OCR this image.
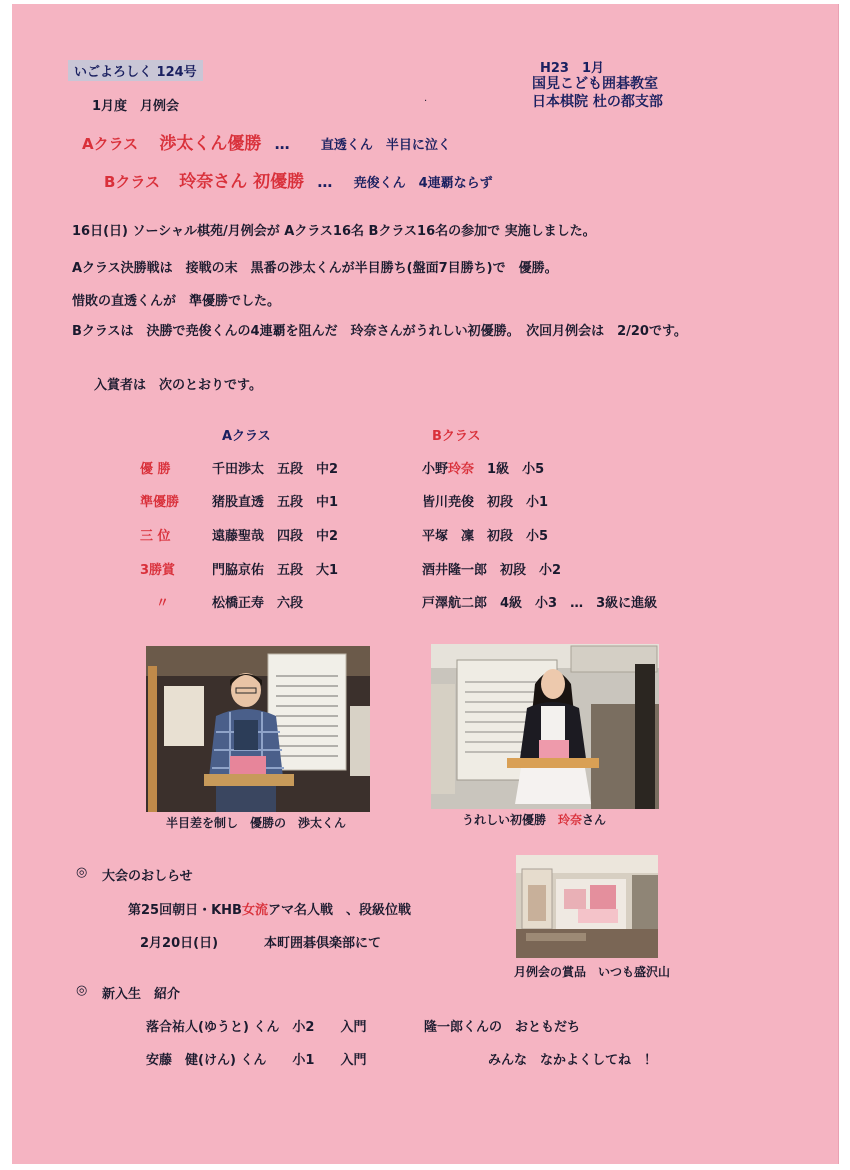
いごよろしく 124号	H23　1月
国見こども囲碁教室
日本棋院 杜の都支部
·
1月度　月例会
Aクラス 渉太くん優勝 … 直透くん　半目に泣く
Bクラス 玲奈さん 初優勝 … 尭俊くん　4連覇ならず
16日(日) ソーシャル棋苑/月例会が Aクラス16名 Bクラス16名の参加で 実施しました。
Aクラス決勝戦は　接戦の末　黒番の渉太くんが半目勝ち(盤面7目勝ち)で　優勝。
惜敗の直透くんが　準優勝でした。
Bクラスは　決勝で尭俊くんの4連覇を阻んだ　玲奈さんがうれしい初優勝。　次回月例会は　2/20です。
入賞者は　次のとおりです。
Aクラス	Bクラス
優 勝	千田渉太　五段　中2	小野玲奈　1級　小5
準優勝	猪股直透　五段　中1	皆川尭俊　初段　小1
三 位	遠藤聖哉　四段　中2	平塚　凜　初段　小5
3勝賞	門脇京佑　五段　大1	酒井隆一郎　初段　小2
〃	松橋正寿　六段	戸澤航二郎　4級　小3　…　3級に進級
半目差を制し　優勝の　渉太くん	うれしい初優勝　玲奈さん
月例会の賞品　いつも盛沢山
◎ 大会のおしらせ
第25回朝日・KHB女流アマ名人戦　、段級位戦
2月20日(日)	本町囲碁倶楽部にて
◎ 新入生　紹介
落合祐人(ゆうと) くん　小2　　入門	隆一郎くんの　おともだち
安藤　健(けん) くん　　小1　　入門	みんな　なかよくしてね　！
